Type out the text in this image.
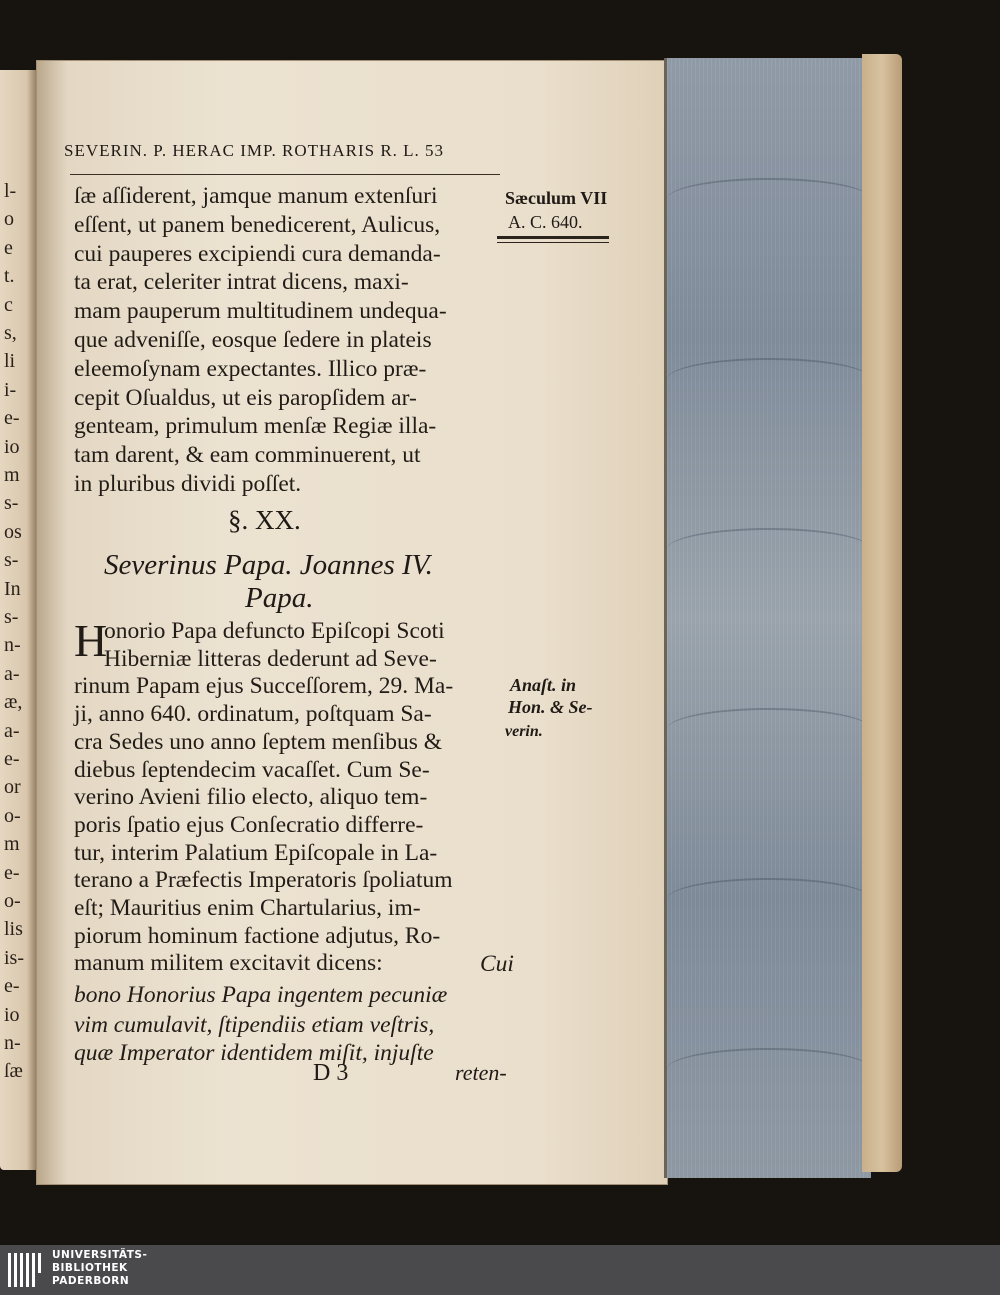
SEVERIN. P. HERAC IMP. ROTHARIS R. L. 53
Sæculum VII
A. C. 640.
ſæ aſſiderent, jamque manum extenſuri
eſſent, ut panem benedicerent, Aulicus,
cui pauperes excipiendi cura demanda-
ta erat, celeriter intrat dicens, maxi-
mam pauperum multitudinem undequa-
que adveniſſe, eosque ſedere in plateis
eleemoſynam expectantes. Illico præ-
cepit Oſualdus, ut eis paropſidem ar-
genteam, primulum menſæ Regiæ illa-
tam darent, & eam comminuerent, ut
in pluribus dividi poſſet.
§. XX.
Severinus Papa. Joannes IV.
Papa.
H
onorio Papa defuncto Epiſcopi Scoti
Hiberniæ litteras dederunt ad Seve-
rinum Papam ejus Succeſſorem, 29. Ma-
ji, anno 640. ordinatum, poſtquam Sa-
cra Sedes uno anno ſeptem menſibus &
diebus ſeptendecim vacaſſet. Cum Se-
verino Avieni filio electo, aliquo tem-
poris ſpatio ejus Conſecratio differre-
tur, interim Palatium Epiſcopale in La-
terano a Præfectis Imperatoris ſpoliatum
eſt; Mauritius enim Chartularius, im-
piorum hominum factione adjutus, Ro-
manum militem excitavit dicens:	Cui
bono Honorius Papa ingentem pecuniæ
vim cumulavit, ſtipendiis etiam veſtris,
quæ Imperator identidem miſit, injuſte
Anaſt. in
Hon. & Se-
verin.
D 3	reten-
l-
o
e
t.
c
s,
li
i-
e-
io
m
s-
os
s-
In
s-
n-
a-
æ,
a-
e-
or
o-
m
e-
o-
lis
is-
e-
io
n-
ſæ
UNIVERSITÄTS-
BIBLIOTHEK
PADERBORN
